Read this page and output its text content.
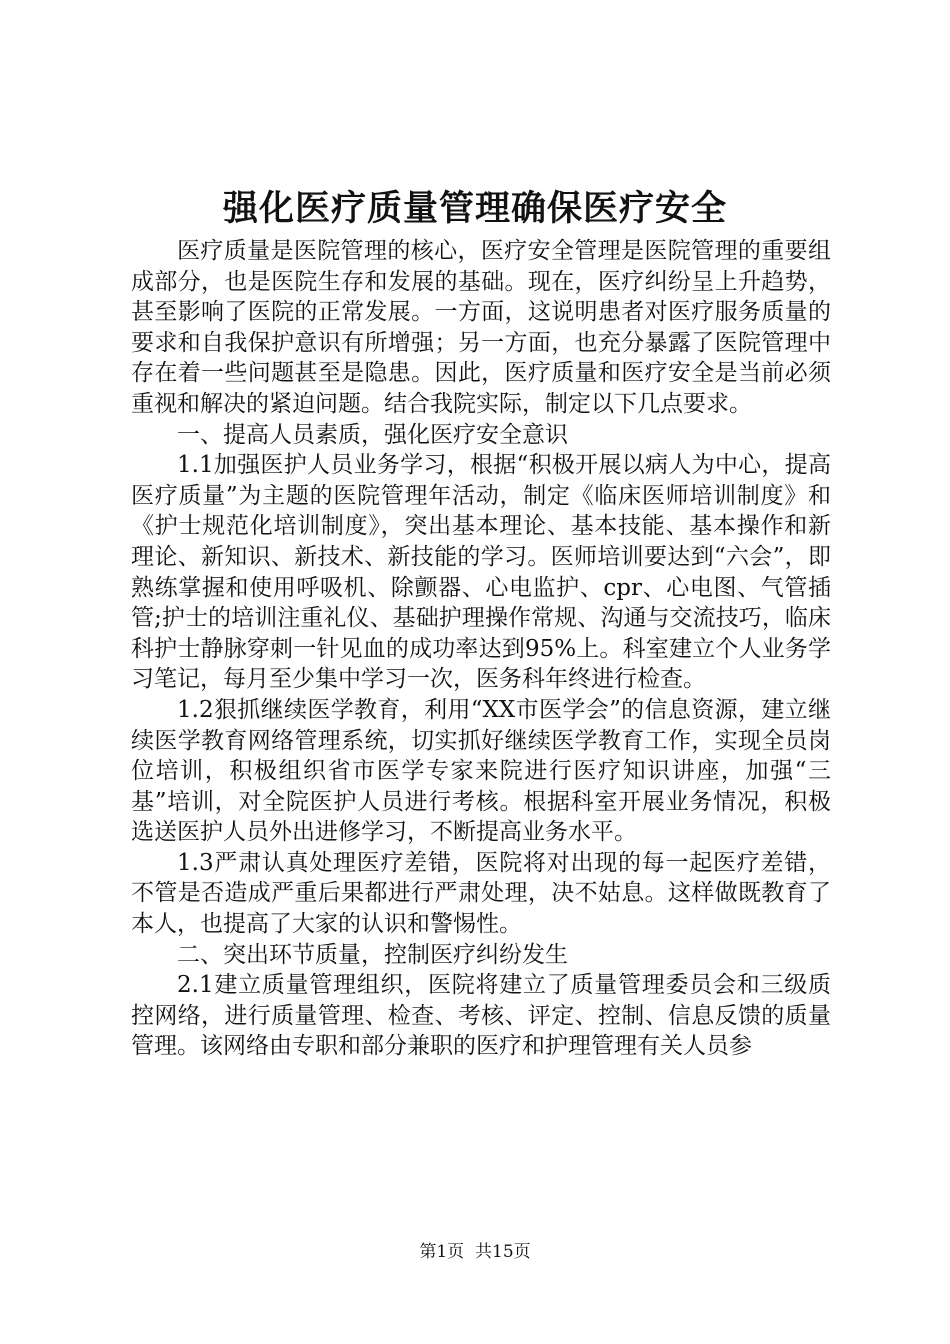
强化医疗质量管理确保医疗安全

医疗质量是医院管理的核心，医疗安全管理是医院管理的重要组成部分，也是医院生存和发展的基础。现在，医疗纠纷呈上升趋势，甚至影响了医院的正常发展。一方面，这说明患者对医疗服务质量的要求和自我保护意识有所增强；另一方面，也充分暴露了医院管理中存在着一些问题甚至是隐患。因此，医疗质量和医疗安全是当前必须重视和解决的紧迫问题。结合我院实际，制定以下几点要求。

一、提高人员素质，强化医疗安全意识

1.1加强医护人员业务学习，根据“积极开展以病人为中心，提高医疗质量”为主题的医院管理年活动，制定《临床医师培训制度》和《护士规范化培训制度》，突出基本理论、基本技能、基本操作和新理论、新知识、新技术、新技能的学习。医师培训要达到“六会”，即熟练掌握和使用呼吸机、除颤器、心电监护、cpr、心电图、气管插管;护士的培训注重礼仪、基础护理操作常规、沟通与交流技巧，临床科护士静脉穿刺一针见血的成功率达到95%上。科室建立个人业务学习笔记，每月至少集中学习一次，医务科年终进行检查。

1.2狠抓继续医学教育，利用“XX市医学会”的信息资源，建立继续医学教育网络管理系统，切实抓好继续医学教育工作，实现全员岗位培训，积极组织省市医学专家来院进行医疗知识讲座，加强“三基”培训，对全院医护人员进行考核。根据科室开展业务情况，积极选送医护人员外出进修学习，不断提高业务水平。

1.3严肃认真处理医疗差错，医院将对出现的每一起医疗差错，不管是否造成严重后果都进行严肃处理，决不姑息。这样做既教育了本人，也提高了大家的认识和警惕性。

二、突出环节质量，控制医疗纠纷发生

2.1建立质量管理组织，医院将建立了质量管理委员会和三级质控网络，进行质量管理、检查、考核、评定、控制、信息反馈的质量管理。该网络由专职和部分兼职的医疗和护理管理有关人员参

第1页 共15页
